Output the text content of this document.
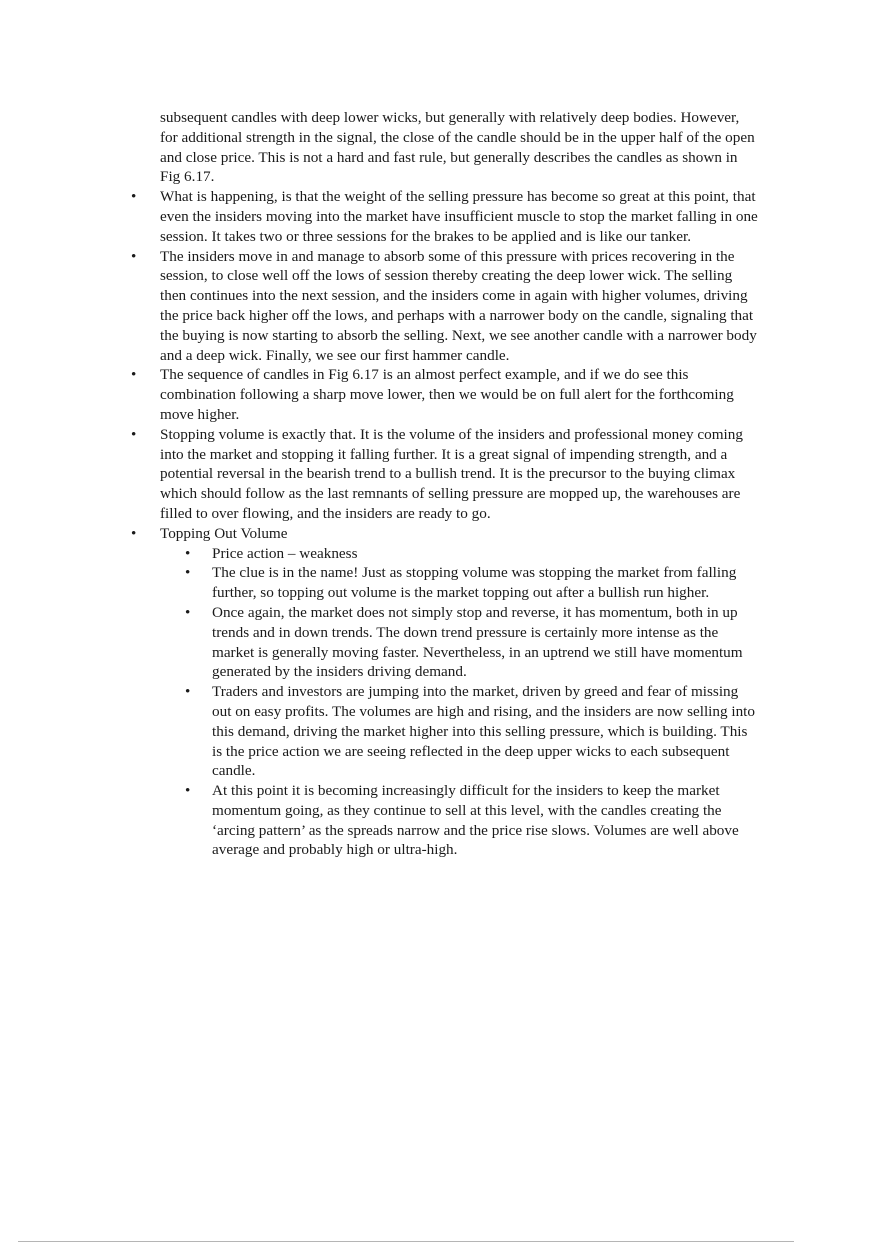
subsequent candles with deep lower wicks, but generally with relatively deep bodies. However, for additional strength in the signal, the close of the candle should be in the upper half of the open and close price. This is not a hard and fast rule, but generally describes the candles as shown in Fig 6.17.

• What is happening, is that the weight of the selling pressure has become so great at this point, that even the insiders moving into the market have insufficient muscle to stop the market falling in one session. It takes two or three sessions for the brakes to be applied and is like our tanker.

• The insiders move in and manage to absorb some of this pressure with prices recovering in the session, to close well off the lows of session thereby creating the deep lower wick. The selling then continues into the next session, and the insiders come in again with higher volumes, driving the price back higher off the lows, and perhaps with a narrower body on the candle, signaling that the buying is now starting to absorb the selling. Next, we see another candle with a narrower body and a deep wick. Finally, we see our first hammer candle.

• The sequence of candles in Fig 6.17 is an almost perfect example, and if we do see this combination following a sharp move lower, then we would be on full alert for the forthcoming move higher.

• Stopping volume is exactly that. It is the volume of the insiders and professional money coming into the market and stopping it falling further. It is a great signal of impending strength, and a potential reversal in the bearish trend to a bullish trend. It is the precursor to the buying climax which should follow as the last remnants of selling pressure are mopped up, the warehouses are filled to over flowing, and the insiders are ready to go.

• Topping Out Volume

• Price action – weakness

• The clue is in the name! Just as stopping volume was stopping the market from falling further, so topping out volume is the market topping out after a bullish run higher.

• Once again, the market does not simply stop and reverse, it has momentum, both in up trends and in down trends. The down trend pressure is certainly more intense as the market is generally moving faster. Nevertheless, in an uptrend we still have momentum generated by the insiders driving demand.

• Traders and investors are jumping into the market, driven by greed and fear of missing out on easy profits. The volumes are high and rising, and the insiders are now selling into this demand, driving the market higher into this selling pressure, which is building. This is the price action we are seeing reflected in the deep upper wicks to each subsequent candle.

• At this point it is becoming increasingly difficult for the insiders to keep the market momentum going, as they continue to sell at this level, with the candles creating the ‘arcing pattern’ as the spreads narrow and the price rise slows. Volumes are well above average and probably high or ultra-high.
